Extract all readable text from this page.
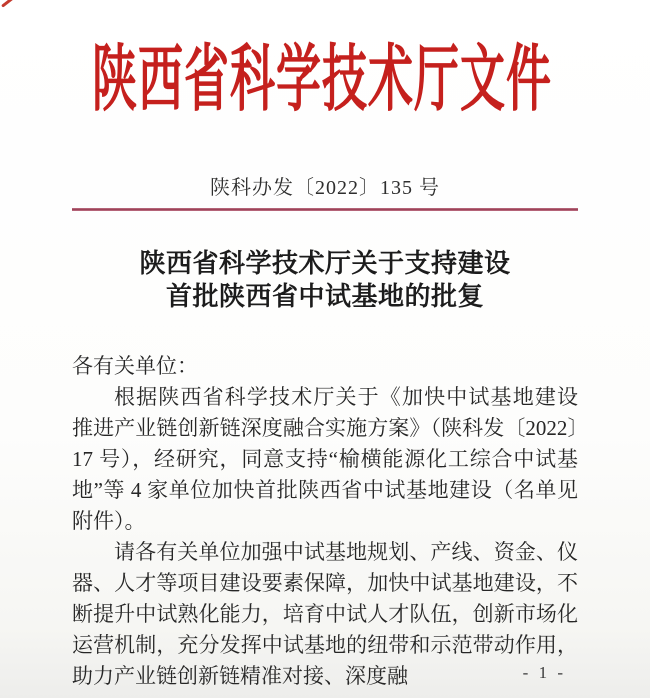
陕西省科学技术厅文件
陕科办发〔2022〕135 号
陕西省科学技术厅关于支持建设
首批陕西省中试基地的批复

各有关单位：

根据陕西省科学技术厅关于《加快中试基地建设 推进产业链创新链深度融合实施方案》（陕科发〔2022〕17 号），经研究，同意支持“榆横能源化工综合中试基地”等 4 家单位加快首批陕西省中试基地建设（名单见附件）。

请各有关单位加强中试基地规划、产线、资金、仪器、人才等项目建设要素保障，加快中试基地建设，不断提升中试熟化能力，培育中试人才队伍，创新市场化运营机制，充分发挥中试基地的纽带和示范带动作用，助力产业链创新链精准对接、深度融	- 1 -
